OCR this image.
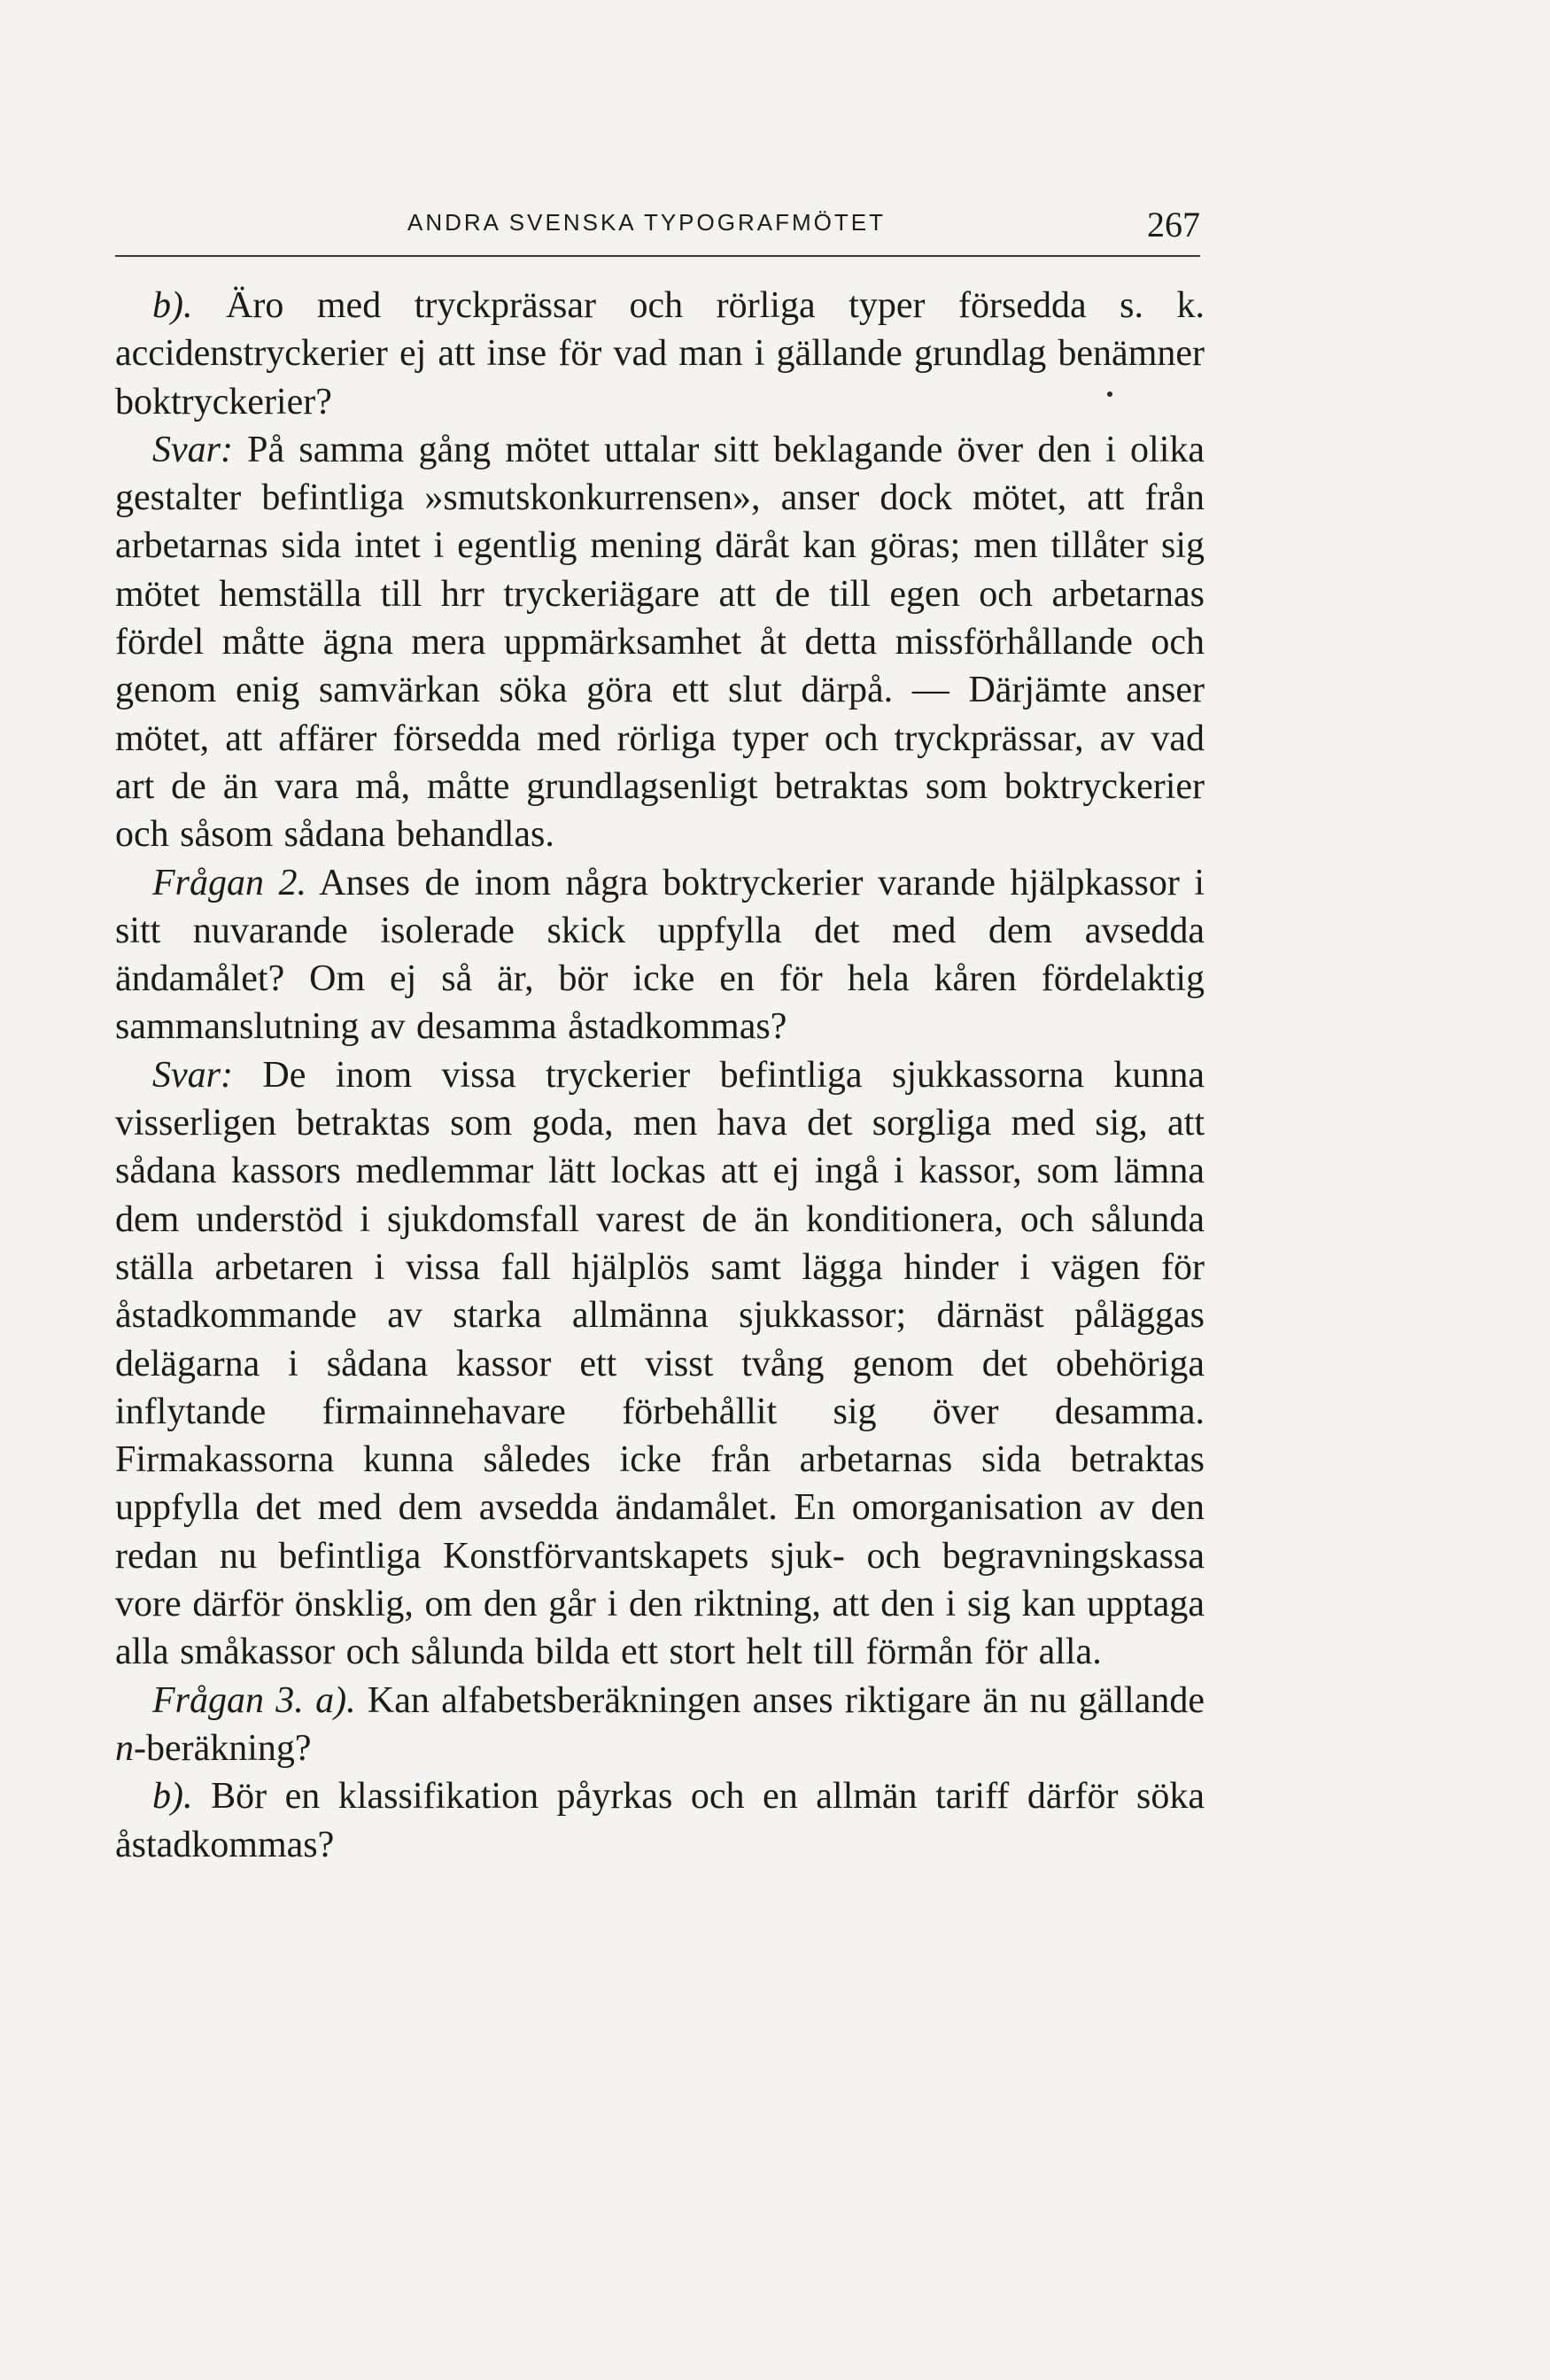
ANDRA SVENSKA TYPOGRAFMÖTET	267

b). Äro med tryckprässar och rörliga typer försedda s. k. accidenstryckerier ej att inse för vad man i gällande grundlag benämner boktryckerier?

Svar: På samma gång mötet uttalar sitt beklagande över den i olika gestalter befintliga »smutskonkurrensen», anser dock mötet, att från arbetarnas sida intet i egentlig mening däråt kan göras; men tillåter sig mötet hemställa till hrr tryckeriägare att de till egen och arbetarnas fördel måtte ägna mera uppmärksamhet åt detta missförhållande och genom enig samvärkan söka göra ett slut därpå. — Därjämte anser mötet, att affärer försedda med rörliga typer och tryckprässar, av vad art de än vara må, måtte grundlagsenligt betraktas som boktryckerier och såsom sådana behandlas.

Frågan 2. Anses de inom några boktryckerier varande hjälpkassor i sitt nuvarande isolerade skick uppfylla det med dem avsedda ändamålet? Om ej så är, bör icke en för hela kåren fördelaktig sammanslutning av desamma åstadkommas?

Svar: De inom vissa tryckerier befintliga sjukkassorna kunna visserligen betraktas som goda, men hava det sorgliga med sig, att sådana kassors medlemmar lätt lockas att ej ingå i kassor, som lämna dem understöd i sjukdomsfall varest de än konditionera, och sålunda ställa arbetaren i vissa fall hjälplös samt lägga hinder i vägen för åstadkommande av starka allmänna sjukkassor; därnäst påläggas delägarna i sådana kassor ett visst tvång genom det obehöriga inflytande firmainnehavare förbehållit sig över desamma. Firmakassorna kunna således icke från arbetarnas sida betraktas uppfylla det med dem avsedda ändamålet. En omorganisation av den redan nu befintliga Konstförvantskapets sjuk- och begravningskassa vore därför önsklig, om den går i den riktning, att den i sig kan upptaga alla småkassor och sålunda bilda ett stort helt till förmån för alla.

Frågan 3. a). Kan alfabetsberäkningen anses riktigare än nu gällande n-beräkning?

b). Bör en klassifikation påyrkas och en allmän tariff därför söka åstadkommas?
